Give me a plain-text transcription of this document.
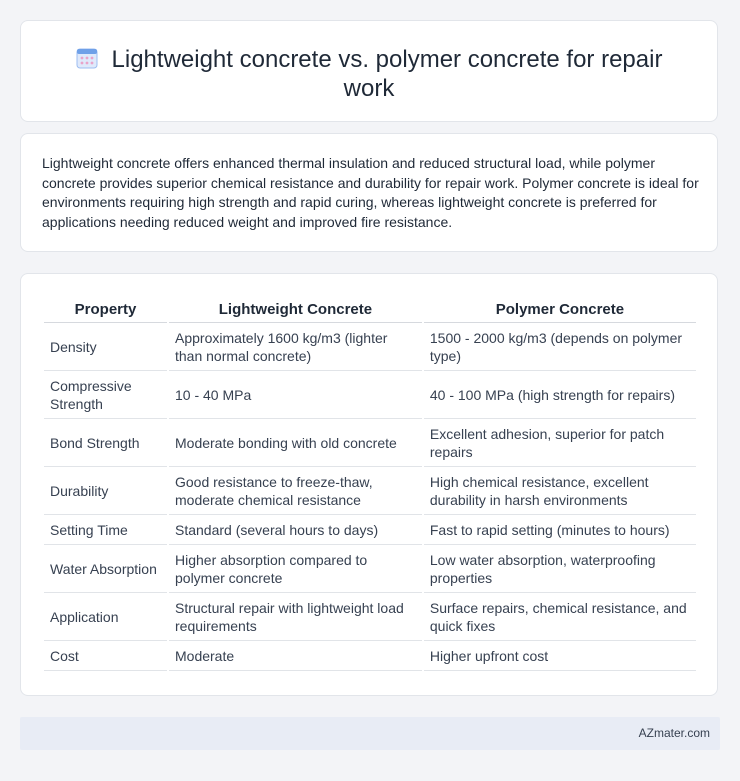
Lightweight concrete vs. polymer concrete for repair work

Lightweight concrete offers enhanced thermal insulation and reduced structural load, while polymer concrete provides superior chemical resistance and durability for repair work. Polymer concrete is ideal for environments requiring high strength and rapid curing, whereas lightweight concrete is preferred for applications needing reduced weight and improved fire resistance.

Property	Lightweight Concrete	Polymer Concrete
Density	Approximately 1600 kg/m3 (lighter than normal concrete)	1500 - 2000 kg/m3 (depends on polymer type)
Compressive Strength	10 - 40 MPa	40 - 100 MPa (high strength for repairs)
Bond Strength	Moderate bonding with old concrete	Excellent adhesion, superior for patch repairs
Durability	Good resistance to freeze-thaw, moderate chemical resistance	High chemical resistance, excellent durability in harsh environments
Setting Time	Standard (several hours to days)	Fast to rapid setting (minutes to hours)
Water Absorption	Higher absorption compared to polymer concrete	Low water absorption, waterproofing properties
Application	Structural repair with lightweight load requirements	Surface repairs, chemical resistance, and quick fixes
Cost	Moderate	Higher upfront cost
AZmater.com
